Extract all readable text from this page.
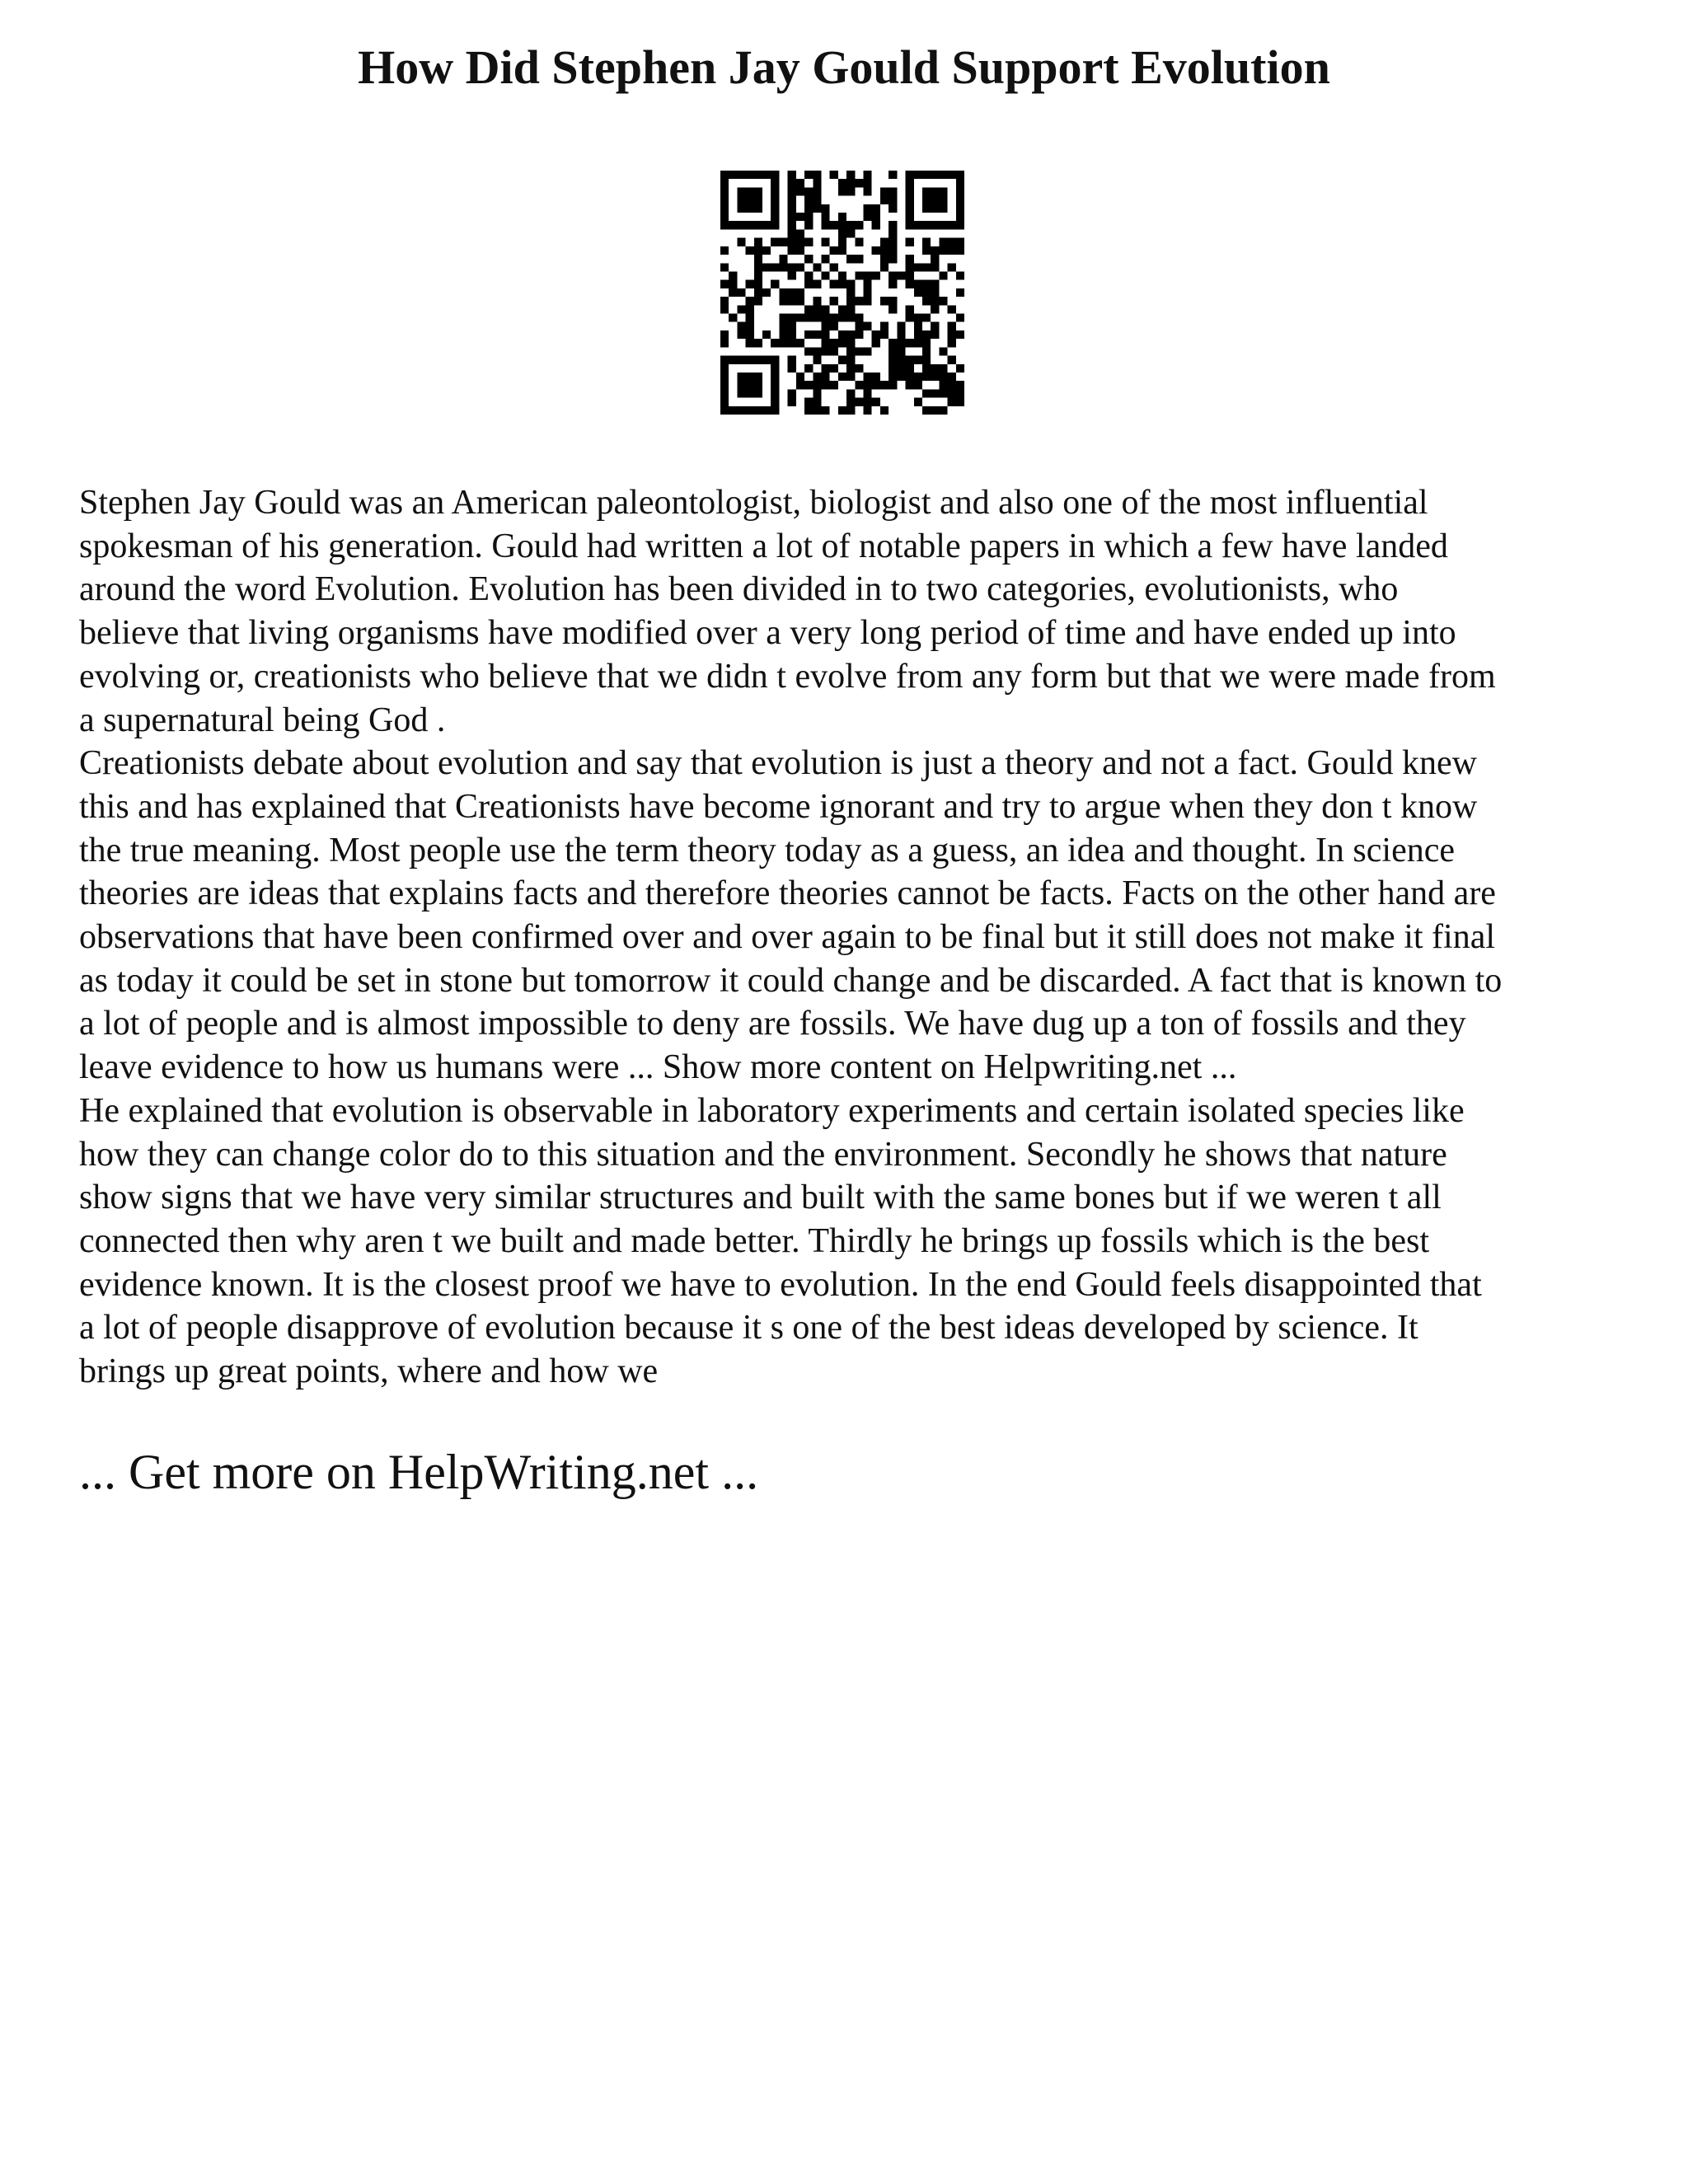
How Did Stephen Jay Gould Support Evolution

Stephen Jay Gould was an American paleontologist, biologist and also one of the most influential

spokesman of his generation. Gould had written a lot of notable papers in which a few have landed

around the word Evolution. Evolution has been divided in to two categories, evolutionists, who

believe that living organisms have modified over a very long period of time and have ended up into

evolving or, creationists who believe that we didn t evolve from any form but that we were made from

a supernatural being God .

Creationists debate about evolution and say that evolution is just a theory and not a fact. Gould knew

this and has explained that Creationists have become ignorant and try to argue when they don t know

the true meaning. Most people use the term theory today as a guess, an idea and thought. In science

theories are ideas that explains facts and therefore theories cannot be facts. Facts on the other hand are

observations that have been confirmed over and over again to be final but it still does not make it final

as today it could be set in stone but tomorrow it could change and be discarded. A fact that is known to

a lot of people and is almost impossible to deny are fossils. We have dug up a ton of fossils and they

leave evidence to how us humans were ... Show more content on Helpwriting.net ...

He explained that evolution is observable in laboratory experiments and certain isolated species like

how they can change color do to this situation and the environment. Secondly he shows that nature

show signs that we have very similar structures and built with the same bones but if we weren t all

connected then why aren t we built and made better. Thirdly he brings up fossils which is the best

evidence known. It is the closest proof we have to evolution. In the end Gould feels disappointed that

a lot of people disapprove of evolution because it s one of the best ideas developed by science. It

brings up great points, where and how we

... Get more on HelpWriting.net ...
